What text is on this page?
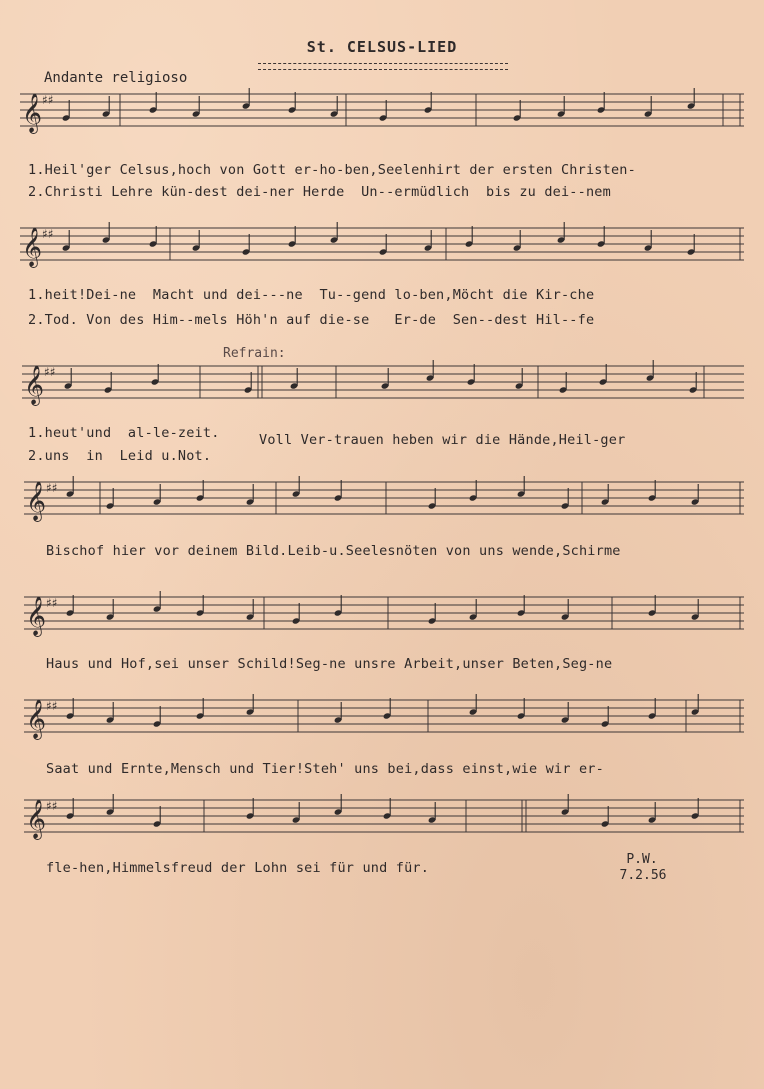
St. CELSUS-LIED
Andante religioso
Refrain:
𝄞 ♯♯
𝄞 ♯♯
𝄞 ♯♯
𝄞 ♯♯
𝄞 ♯♯
𝄞 ♯♯
𝄞 ♯♯
1.Heil'ger Celsus,hoch von Gott er-ho-ben,Seelenhirt der ersten Christen-
2.Christi Lehre kün-dest dei-ner Herde  Un--ermüdlich  bis zu dei--nem
1.heit!Dei-ne  Macht und dei---ne  Tu--gend lo-ben,Möcht die Kir-che
2.Tod. Von des Him--mels Höh'n auf die-se   Er-de  Sen--dest Hil--fe
1.heut'und  al-le-zeit.
2.uns  in  Leid u.Not.
Voll Ver-trauen heben wir die Hände,Heil-ger
Bischof hier vor deinem Bild.Leib-u.Seelesnöten von uns wende,Schirme
Haus und Hof,sei unser Schild!Seg-ne unsre Arbeit,unser Beten,Seg-ne
Saat und Ernte,Mensch und Tier!Steh' uns bei,dass einst,wie wir er-
fle-hen,Himmelsfreud der Lohn sei für und für.
P.W.
7.2.56
